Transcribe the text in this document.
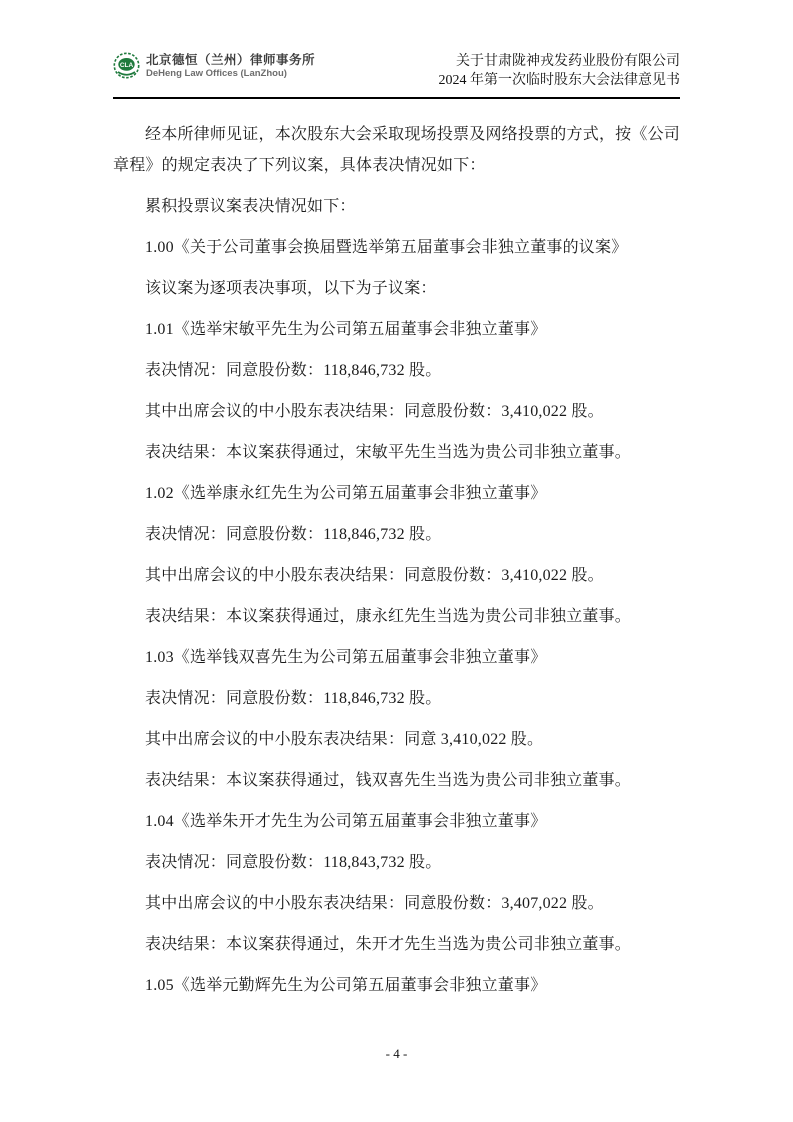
CLA 北京德恒（兰州）律师事务所
DeHeng Law Offices (LanZhou)
关于甘肃陇神戎发药业股份有限公司
2024 年第一次临时股东大会法律意见书

经本所律师见证，本次股东大会采取现场投票及网络投票的方式，按《公司章程》的规定表决了下列议案，具体表决情况如下：

累积投票议案表决情况如下：

1.00《关于公司董事会换届暨选举第五届董事会非独立董事的议案》

该议案为逐项表决事项，以下为子议案：

1.01《选举宋敏平先生为公司第五届董事会非独立董事》

表决情况：同意股份数：118,846,732 股。

其中出席会议的中小股东表决结果：同意股份数：3,410,022 股。

表决结果：本议案获得通过，宋敏平先生当选为贵公司非独立董事。

1.02《选举康永红先生为公司第五届董事会非独立董事》

表决情况：同意股份数：118,846,732 股。

其中出席会议的中小股东表决结果：同意股份数：3,410,022 股。

表决结果：本议案获得通过，康永红先生当选为贵公司非独立董事。

1.03《选举钱双喜先生为公司第五届董事会非独立董事》

表决情况：同意股份数：118,846,732 股。

其中出席会议的中小股东表决结果：同意 3,410,022 股。

表决结果：本议案获得通过，钱双喜先生当选为贵公司非独立董事。

1.04《选举朱开才先生为公司第五届董事会非独立董事》

表决情况：同意股份数：118,843,732 股。

其中出席会议的中小股东表决结果：同意股份数：3,407,022 股。

表决结果：本议案获得通过，朱开才先生当选为贵公司非独立董事。

1.05《选举元勤辉先生为公司第五届董事会非独立董事》

- 4 -
